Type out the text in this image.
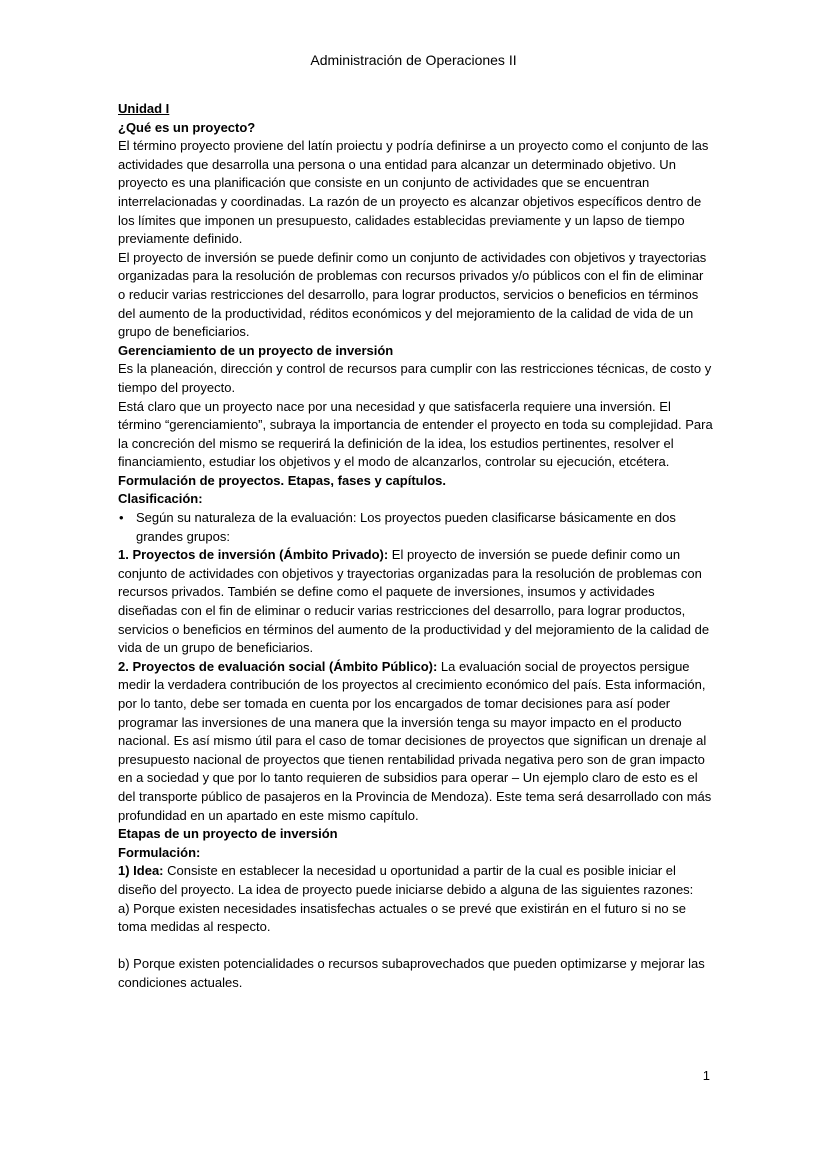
Administración de Operaciones II

Unidad I

¿Qué es un proyecto?

El término proyecto proviene del latín proiectu y podría definirse a un proyecto como el conjunto de las actividades que desarrolla una persona o una entidad para alcanzar un determinado objetivo. Un proyecto es una planificación que consiste en un conjunto de actividades que se encuentran interrelacionadas y coordinadas. La razón de un proyecto es alcanzar objetivos específicos dentro de los límites que imponen un presupuesto, calidades establecidas previamente y un lapso de tiempo previamente definido.

El proyecto de inversión se puede definir como un conjunto de actividades con objetivos y trayectorias organizadas para la resolución de problemas con recursos privados y/o públicos con el fin de eliminar o reducir varias restricciones del desarrollo, para lograr productos, servicios o beneficios en términos del aumento de la productividad, réditos económicos y del mejoramiento de la calidad de vida de un grupo de beneficiarios.

Gerenciamiento de un proyecto de inversión

Es la planeación, dirección y control de recursos para cumplir con las restricciones técnicas, de costo y tiempo del proyecto.

Está claro que un proyecto nace por una necesidad y que satisfacerla requiere una inversión. El término “gerenciamiento”, subraya la importancia de entender el proyecto en toda su complejidad. Para la concreción del mismo se requerirá la definición de la idea, los estudios pertinentes, resolver el financiamiento, estudiar los objetivos y el modo de alcanzarlos, controlar su ejecución, etcétera.

Formulación de proyectos. Etapas, fases y capítulos.

Clasificación:

• Según su naturaleza de la evaluación: Los proyectos pueden clasificarse básicamente en dos grandes grupos:

1. Proyectos de inversión (Ámbito Privado): El proyecto de inversión se puede definir como un conjunto de actividades con objetivos y trayectorias organizadas para la resolución de problemas con recursos privados. También se define como el paquete de inversiones, insumos y actividades diseñadas con el fin de eliminar o reducir varias restricciones del desarrollo, para lograr productos, servicios o beneficios en términos del aumento de la productividad y del mejoramiento de la calidad de vida de un grupo de beneficiarios.

2. Proyectos de evaluación social (Ámbito Público): La evaluación social de proyectos persigue medir la verdadera contribución de los proyectos al crecimiento económico del país. Esta información, por lo tanto, debe ser tomada en cuenta por los encargados de tomar decisiones para así poder programar las inversiones de una manera que la inversión tenga su mayor impacto en el producto nacional. Es así mismo útil para el caso de tomar decisiones de proyectos que significan un drenaje al presupuesto nacional de proyectos que tienen rentabilidad privada negativa pero son de gran impacto en a sociedad y que por lo tanto requieren de subsidios para operar – Un ejemplo claro de esto es el del transporte público de pasajeros en la Provincia de Mendoza). Este tema será desarrollado con más profundidad en un apartado en este mismo capítulo.

Etapas de un proyecto de inversión

Formulación:

1) Idea: Consiste en establecer la necesidad u oportunidad a partir de la cual es posible iniciar el diseño del proyecto. La idea de proyecto puede iniciarse debido a alguna de las siguientes razones:

a) Porque existen necesidades insatisfechas actuales o se prevé que existirán en el futuro si no se toma medidas al respecto.

b) Porque existen potencialidades o recursos subaprovechados que pueden optimizarse y mejorar las condiciones actuales.

1
